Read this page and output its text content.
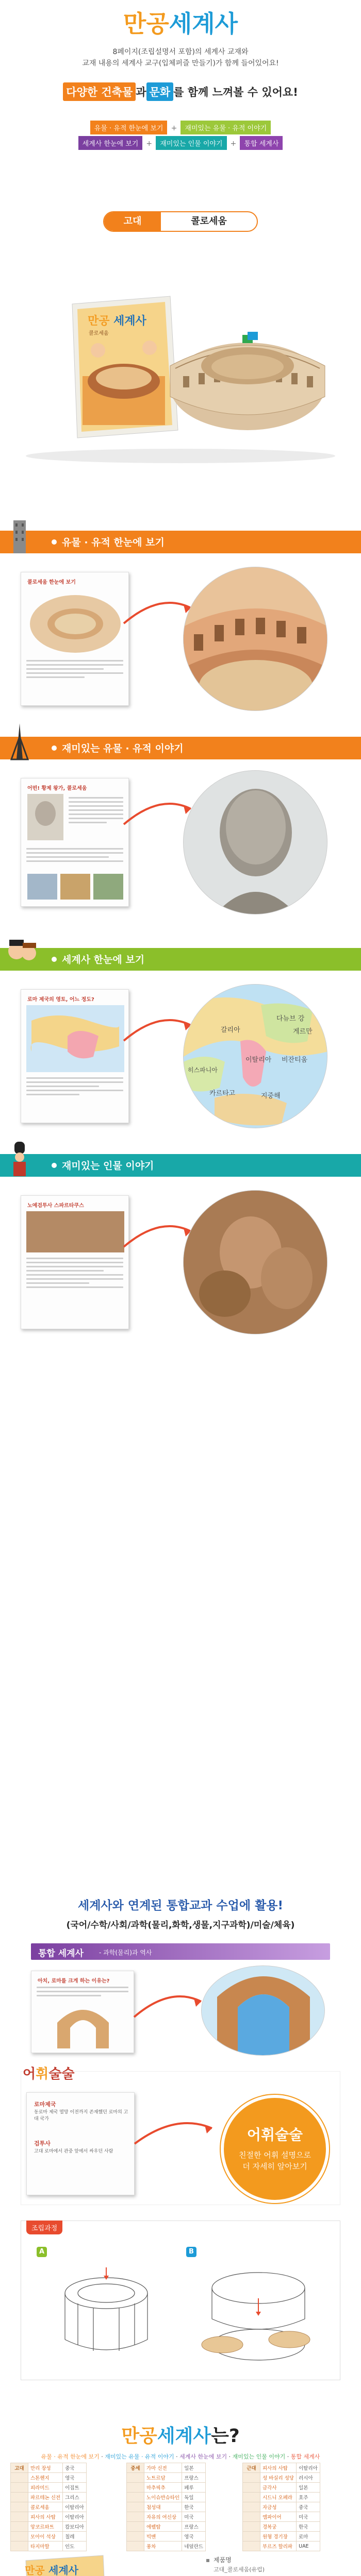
만공세계사
8페이지(조립설명서 포함)의 세계사 교재와
교재 내용의 세계사 교구(입체퍼즐 만들기)가 함께 들어있어요!
다양한 건축물 과 문화 를 함께 느껴볼 수 있어요!
유물 · 유적 한눈에 보기 + 재미있는 유물 · 유적 이야기
세계사 한눈에 보기 + 재미있는 인물 이야기 + 통합 세계사
고대	콜로세움
만공 세계사
콜로세움
유물 · 유적 한눈에 보기
콜로세움 한눈에 보기
재미있는 유물 · 유적 이야기
어떤! 황제 왕가, 콜로세움
세계사 한눈에 보기
로마 제국의 영토, 어느 정도?
다뉴브 강
갈리아	게르만
히스파니아
이탈리아 비잔티움
카르타고	지중해
재미있는 인물 이야기
노예검투사 스파르타쿠스
세계사와 연계된 통합교과 수업에 활용!
(국어/수학/사회/과학(물리,화학,생물,지구과학)/미술/체육)
통합 세계사 - 과학(물리)과 역사
아치, 로마를 크게 하는 이유는?
로마제국
동로마 제국 멸망 이전까지 존재했던 로마의 고대 국가
검투사
고대 로마에서 관중 앞에서 싸우던 사람
어휘술술
어휘술술
친절한 어휘 설명으로
더 자세히 알아보기
조립과정
A	B
만공세계사는?
유물 · 유적 한눈에 보기 · 재미있는 유물 · 유적 이야기 · 세계사 한눈에 보기 · 재미있는 인물 이야기 · 통합 세계사
고대	만리 장성	중국
	스톤헨지	영국
	피라미드	이집트
	파르테논 신전	그리스
	콜로세움	이탈리아
	피사의 사탑	이탈리아
	앙코르와트	캄보디아
	모아이 석상	칠레
	타지마할	인도
중세	가마 신전	일본
	노트르담	프랑스
	마추픽추	페루
	노이슈반슈타인	독일
	첨성대	한국
	자유의 여신상	미국
	에펠탑	프랑스
	빅벤	영국
	풍차	네덜란드
근대	피사의 사탑	이탈리아
	성 바실리 성당	러시아
	금각사	일본
	시드니 오페라	호주
	자금성	중국
	엠파이어	미국
	경복궁	한국
	원형 경기장	로마
	부르즈 할리파	UAE
만공 세계사
제품명
고대_콜로세움(유럽)
